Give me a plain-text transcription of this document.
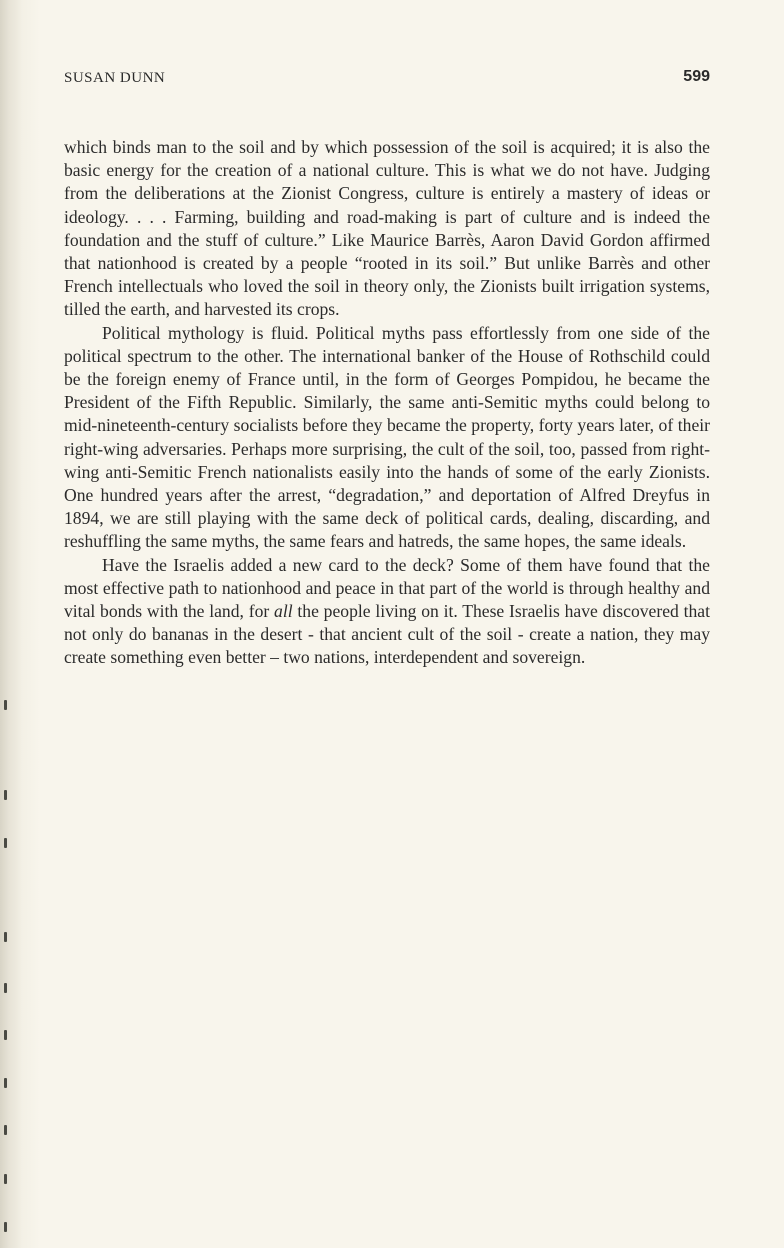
SUSAN DUNN	599

which binds man to the soil and by which possession of the soil is acquired; it is also the basic energy for the creation of a national culture. This is what we do not have. Judging from the deliberations at the Zionist Congress, culture is entirely a mastery of ideas or ideology. . . . Farming, building and road-making is part of culture and is indeed the foundation and the stuff of culture.” Like Maurice Barrès, Aaron David Gordon affirmed that nationhood is created by a people “rooted in its soil.” But unlike Barrès and other French intellectuals who loved the soil in theory only, the Zionists built irrigation systems, tilled the earth, and harvested its crops.

Political mythology is fluid. Political myths pass effortlessly from one side of the political spectrum to the other. The international banker of the House of Rothschild could be the foreign enemy of France until, in the form of Georges Pompidou, he became the President of the Fifth Republic. Similarly, the same anti-Semitic myths could belong to mid-nineteenth-century socialists before they became the property, forty years later, of their right-wing adversaries. Perhaps more surprising, the cult of the soil, too, passed from right-wing anti-Semitic French nationalists easily into the hands of some of the early Zionists. One hundred years after the arrest, “degradation,” and deportation of Alfred Dreyfus in 1894, we are still playing with the same deck of political cards, dealing, discarding, and reshuffling the same myths, the same fears and hatreds, the same hopes, the same ideals.

Have the Israelis added a new card to the deck? Some of them have found that the most effective path to nationhood and peace in that part of the world is through healthy and vital bonds with the land, for all the people living on it. These Israelis have discovered that not only do bananas in the desert - that ancient cult of the soil - create a nation, they may create something even better – two nations, interdependent and sovereign.
